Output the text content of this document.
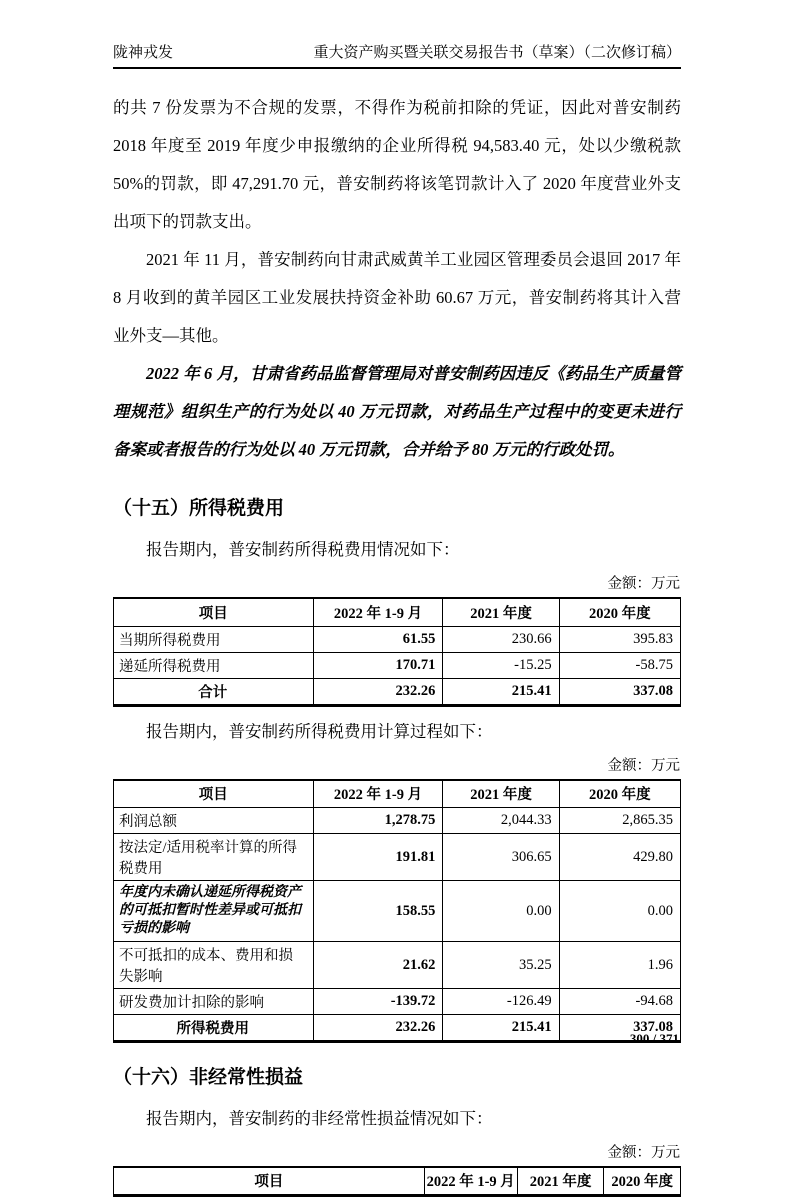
陇神戎发	重大资产购买暨关联交易报告书（草案）（二次修订稿）

的共 7 份发票为不合规的发票，不得作为税前扣除的凭证，因此对普安制药2018 年度至 2019 年度少申报缴纳的企业所得税 94,583.40 元，处以少缴税款 50%的罚款，即 47,291.70 元，普安制药将该笔罚款计入了 2020 年度营业外支出项下的罚款支出。

2021 年 11 月，普安制药向甘肃武威黄羊工业园区管理委员会退回 2017 年8 月收到的黄羊园区工业发展扶持资金补助 60.67 万元，普安制药将其计入营业外支—其他。

2022 年 6 月，甘肃省药品监督管理局对普安制药因违反《药品生产质量管理规范》组织生产的行为处以 40 万元罚款，对药品生产过程中的变更未进行备案或者报告的行为处以 40 万元罚款，合并给予 80 万元的行政处罚。

（十五）所得税费用

报告期内，普安制药所得税费用情况如下：

金额：万元
项目	2022 年 1-9 月	2021 年度	2020 年度
当期所得税费用	61.55	230.66	395.83
递延所得税费用	170.71	-15.25	-58.75
合计	232.26	215.41	337.08

报告期内，普安制药所得税费用计算过程如下：

金额：万元
项目	2022 年 1-9 月	2021 年度	2020 年度
利润总额	1,278.75	2,044.33	2,865.35
按法定/适用税率计算的所得税费用	191.81	306.65	429.80
年度内未确认递延所得税资产的可抵扣暂时性差异或可抵扣亏损的影响	158.55	0.00	0.00
不可抵扣的成本、费用和损失影响	21.62	35.25	1.96
研发费加计扣除的影响	-139.72	-126.49	-94.68
所得税费用	232.26	215.41	337.08
（十六）非经常性损益

报告期内，普安制药的非经常性损益情况如下：

金额：万元
项目	2022 年 1-9 月	2021 年度	2020 年度
300 / 371
